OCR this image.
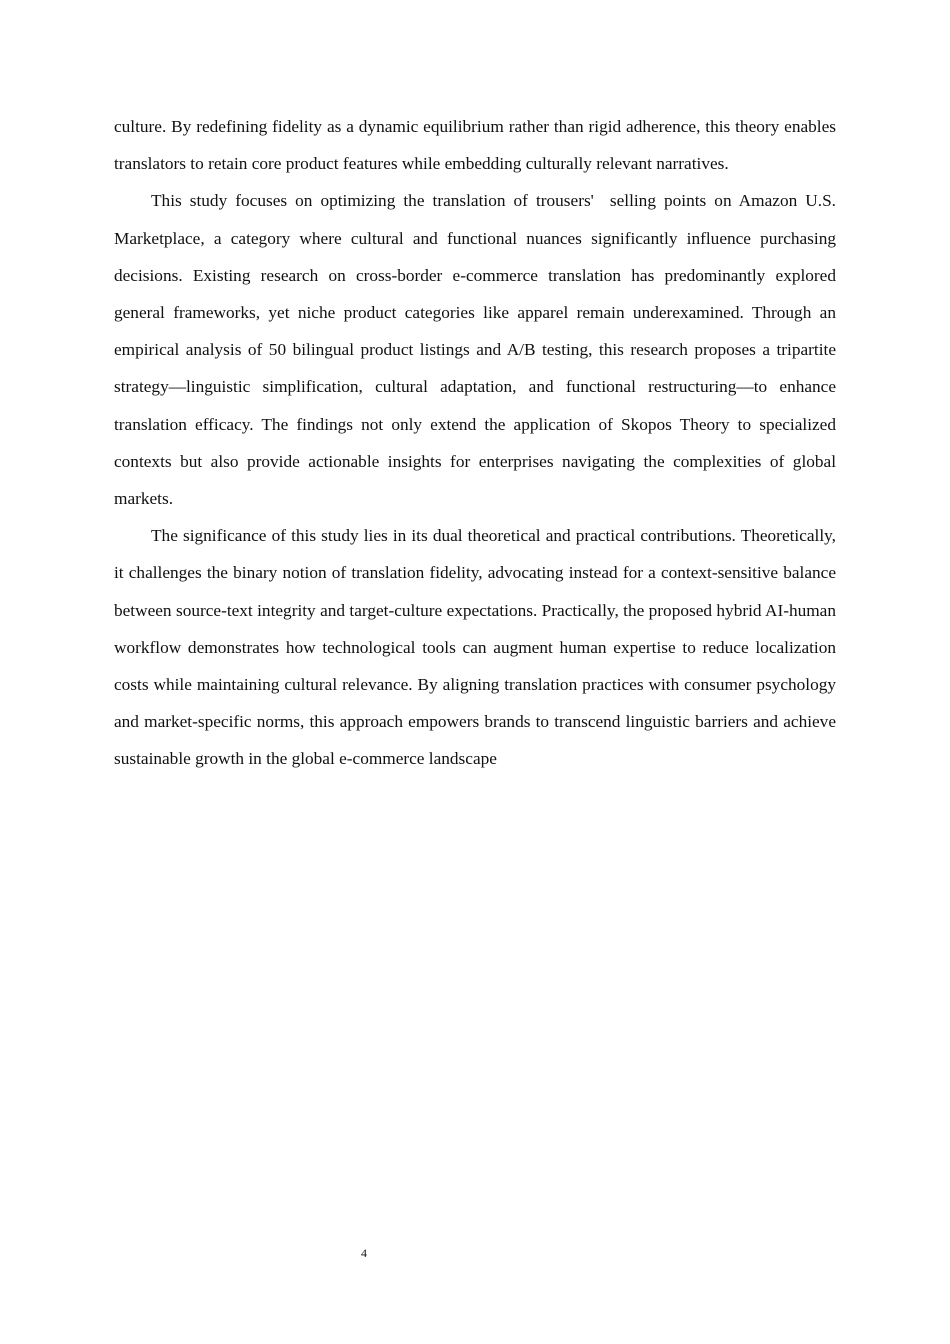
culture. By redefining fidelity as a dynamic equilibrium rather than rigid adherence, this theory enables translators to retain core product features while embedding culturally relevant narratives.

This study focuses on optimizing the translation of trousers'  selling points on Amazon U.S. Marketplace, a category where cultural and functional nuances significantly influence purchasing decisions. Existing research on cross-border e-commerce translation has predominantly explored general frameworks, yet niche product categories like apparel remain underexamined. Through an empirical analysis of 50 bilingual product listings and A/B testing, this research proposes a tripartite strategy—linguistic simplification, cultural adaptation, and functional restructuring—to enhance translation efficacy. The findings not only extend the application of Skopos Theory to specialized contexts but also provide actionable insights for enterprises navigating the complexities of global markets.

The significance of this study lies in its dual theoretical and practical contributions. Theoretically, it challenges the binary notion of translation fidelity, advocating instead for a context-sensitive balance between source-text integrity and target-culture expectations. Practically, the proposed hybrid AI-human workflow demonstrates how technological tools can augment human expertise to reduce localization costs while maintaining cultural relevance. By aligning translation practices with consumer psychology and market-specific norms, this approach empowers brands to transcend linguistic barriers and achieve sustainable growth in the global e-commerce landscape

4
